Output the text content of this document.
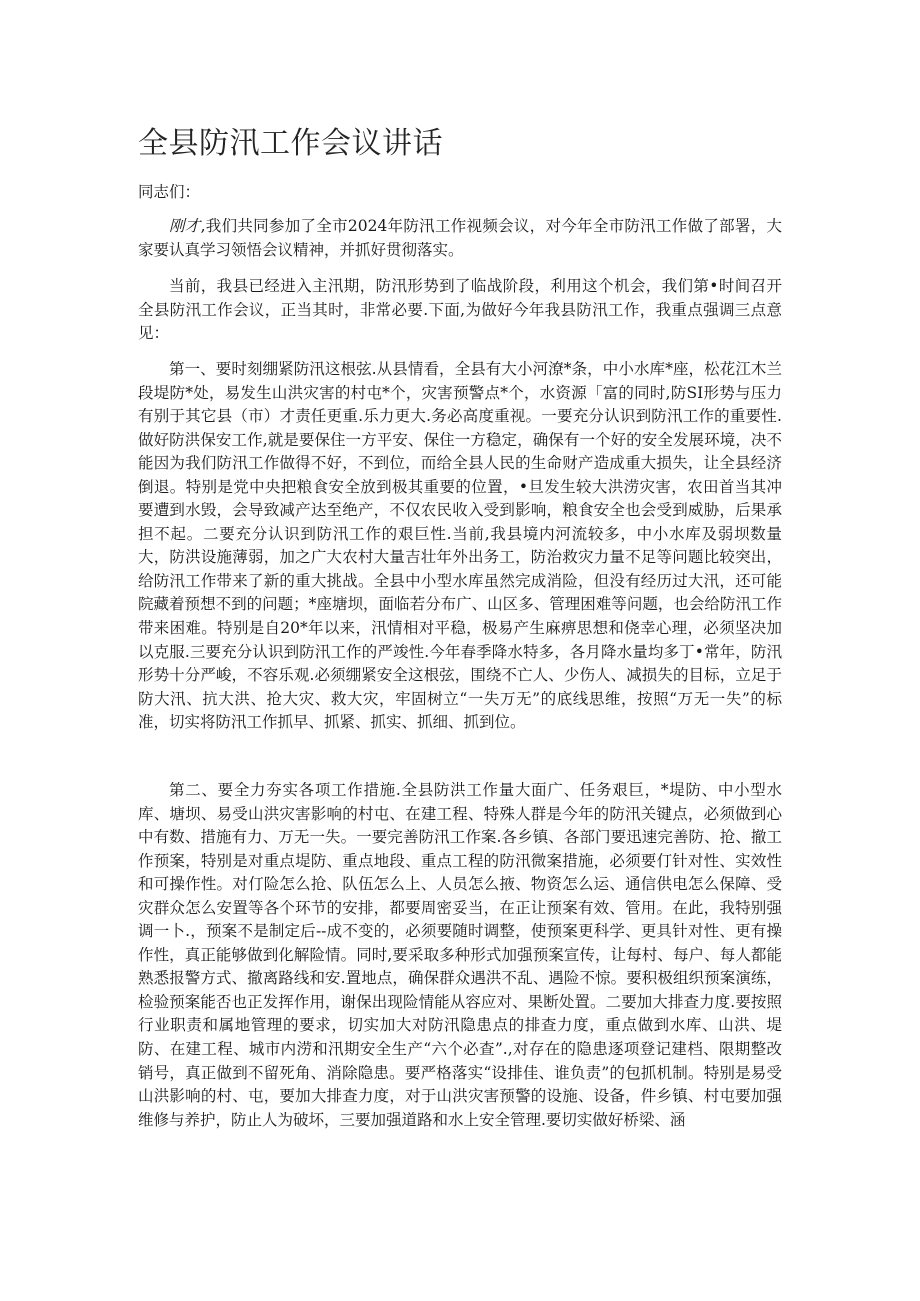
全县防汛工作会议讲话

同志们：

刚才,我们共同参加了全市2024年防汛工作视频会议，对今年全市防汛工作做了部署，大家要认真学习领悟会议精神，并抓好贯彻落实。

当前，我县已经进入主汛期，防汛形势到了临战阶段，利用这个机会，我们第•时间召开全县防汛工作会议，正当其时，非常必要.下面,为做好今年我县防汛工作，我重点强调三点意见：

第一、要时刻绷紧防汛这根弦.从县情看，全县有大小河潦*条，中小水库*座，松花江木兰段堤防*处，易发生山洪灾害的村屯*个，灾害预警点*个，水资源「富的同时,防SI形势与压力有别于其它县（市）才责任更重.乐力更大.务必高度重视。一要充分认识到防汛工作的重要性.做好防洪保安工作,就是要保住一方平安、保住一方稳定，确保有一个好的安全发展环境，决不能因为我们防汛工作做得不好，不到位，而给全县人民的生命财产造成重大损失，让全县经济倒退。特别是党中央把粮食安全放到极其重要的位置，•旦发生较大洪涝灾害，农田首当其冲要遭到水毁，会导致减产达至绝产，不仅农民收入受到影响，粮食安全也会受到威胁，后果承担不起。二要充分认识到防汛工作的艰巨性.当前,我县境内河流较多，中小水库及弱坝数量大，防洪设施薄弱，加之广大农村大量吉壮年外出务工，防治救灾力量不足等问题比较突出，给防汛工作带来了新的重大挑战。全县中小型水库虽然完成消险，但没有经历过大汛，还可能院藏着预想不到的问题；*座塘坝，面临若分布广、山区多、管理困难等问题，也会给防汛工作带来困难。特别是自20*年以来，汛情相对平稳，极易产生麻痹思想和侥幸心理，必须坚决加以克服.三要充分认识到防汛工作的严竣性.今年春季降水特多，各月降水量均多丁•常年，防汛形势十分严峻，不容乐观.必须绷紧安全这根弦，围绕不亡人、少伤人、减损失的目标，立足于防大汛、抗大洪、抢大灾、救大灾，牢固树立“一失万无”的底线思维，按照“万无一失”的标准，切实将防汛工作抓早、抓紧、抓实、抓细、抓到位。

第二、要全力夯实各项工作措施.全县防洪工作量大面广、任务艰巨，*堤防、中小型水库、塘坝、易受山洪灾害影响的村屯、在建工程、特殊人群是今年的防汛关键点，必须做到心中有数、措施有力、万无一失。一要完善防汛工作案.各乡镇、各部门要迅速完善防、抢、撤工作预案，特别是对重点堤防、重点地段、重点工程的防汛微案措施，必须要仃针对性、实效性和可操作性。对仃险怎么抢、队伍怎么上、人员怎么掖、物资怎么运、通信供电怎么保障、受灾群众怎么安置等各个环节的安排，都要周密妥当，在正让预案有效、管用。在此，我特别强调一卜.，预案不是制定后--成不变的，必须要随时调整，使预案更科学、更具针对性、更有操作性，真正能够做到化解险情。同时,要采取多种形式加强预案宣传，让每村、每户、每人都能熟悉报警方式、撤离路线和安.置地点，确保群众遇洪不乱、遇险不惊。要积极组织预案演练，检验预案能否也正发挥作用，谢保出现险情能从容应对、果断处置。二要加大排查力度.要按照行业职责和属地管理的要求，切实加大对防汛隐患点的排查力度，重点做到水库、山洪、堤防、在建工程、城市内涝和汛期安全生产“六个必查”.,对存在的隐患逐项登记建档、限期整改销号，真正做到不留死角、消除隐患。要严格落实“设排佳、谁负责”的包抓机制。特别是易受山洪影响的村、屯，要加大排查力度，对于山洪灾害预警的设施、设备，件乡镇、村屯要加强维修与养护，防止人为破坏，三要加强道路和水上安全管理.要切实做好桥梁、涵
